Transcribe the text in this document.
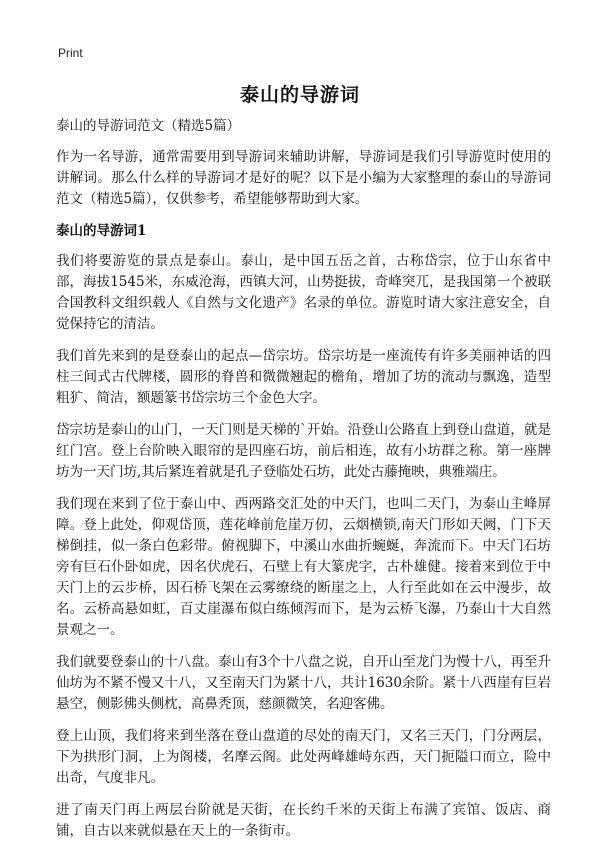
Print
泰山的导游词

泰山的导游词范文（精选5篇）

作为一名导游，通常需要用到导游词来辅助讲解，导游词是我们引导游览时使用的讲解词。那么什么样的导游词才是好的呢？以下是小编为大家整理的泰山的导游词范文（精选5篇），仅供参考，希望能够帮助到大家。

泰山的导游词1

我们将要游览的景点是泰山。泰山，是中国五岳之首，古称岱宗，位于山东省中部，海拔1545米，东威沧海，西镇大河，山势挺拔，奇峰突兀，是我国第一个被联合国教科文组织载人《自然与文化遗产》名录的单位。游览时请大家注意安全，自觉保持它的清洁。

我们首先来到的是登泰山的起点—岱宗坊。岱宗坊是一座流传有许多美丽神话的四柱三间式古代牌楼，圆形的脊兽和微微翘起的檐角，增加了坊的流动与飘逸，造型粗犷、简洁，额题篆书岱宗坊三个金色大字。

岱宗坊是泰山的山门，一天门则是天梯的`开始。沿登山公路直上到登山盘道，就是红门宫。登上台阶映入眼帘的是四座石坊，前后相连，故有小坊群之称。第一座牌坊为一天门坊,其后紧连着就是孔子登临处石坊，此处古藤掩映，典雅端庄。

我们现在来到了位于泰山中、西两路交汇处的中天门，也叫二天门，为泰山主峰屏障。登上此处，仰观岱顶，莲花峰前危崖万仞，云烟横锁,南天门形如天阙，门下天梯倒挂，似一条白色彩带。俯视脚下，中溪山水曲折蜿蜒，奔流而下。中天门石坊旁有巨石仆卧如虎，因名伏虎石，石壁上有大篆虎字，古朴雄健。接着来到位于中天门上的云步桥，因石桥飞架在云雾缭绕的断崖之上，人行至此如在云中漫步，故名。云桥高悬如虹，百丈崖瀑布似白练倾泻而下，是为云桥飞瀑，乃泰山十大自然景观之一。

我们就要登泰山的十八盘。泰山有3个十八盘之说，自开山至龙门为慢十八，再至升仙坊为不紧不慢又十八，又至南天门为紧十八，共计1630余阶。紧十八西崖有巨岩悬空，侧影佛头侧枕，高鼻秃顶，慈颜微笑，名迎客佛。

登上山顶，我们将来到坐落在登山盘道的尽处的南天门，又名三天门，门分两层，下为拱形门洞，上为阁楼，名摩云阁。此处两峰雄峙东西，天门扼隘口而立，险中出奇，气度非凡。

进了南天门再上两层台阶就是天街，在长约千米的天街上布满了宾馆、饭店、商铺，自古以来就似悬在天上的一条街市。
